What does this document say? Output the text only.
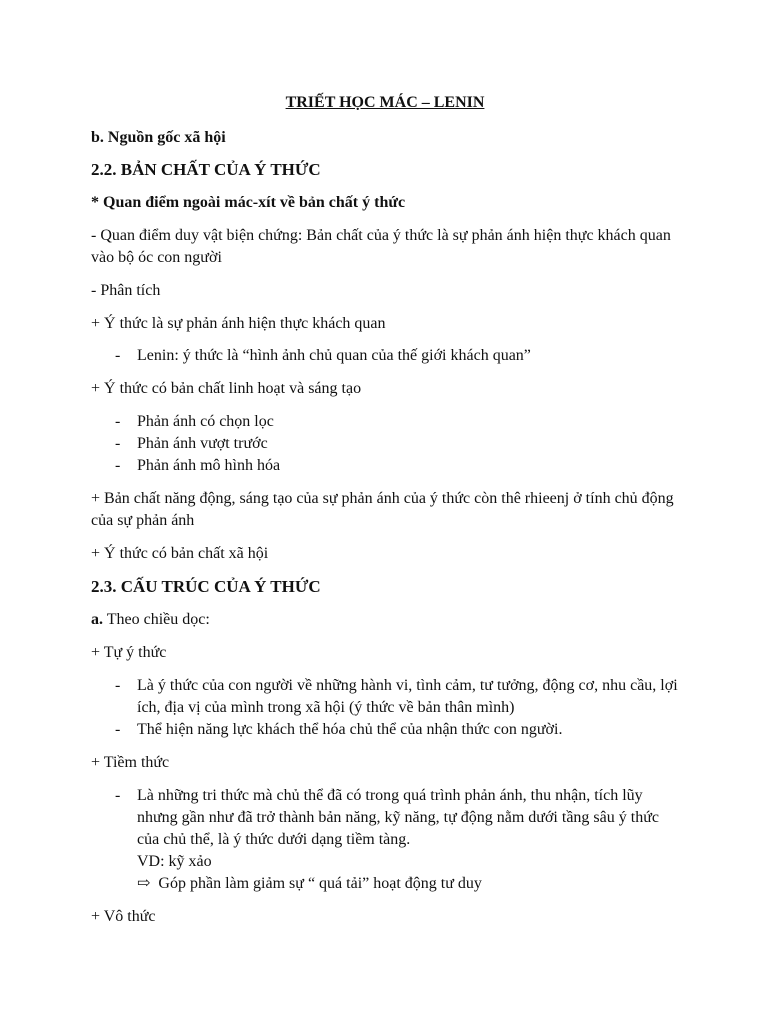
TRIẾT HỌC MÁC – LENIN
b. Nguồn gốc xã hội
2.2. BẢN CHẤT CỦA Ý THỨC
* Quan điểm ngoài mác-xít về bản chất ý thức
- Quan điểm duy vật biện chứng: Bản chất của ý thức là sự phản ánh hiện thực khách quan vào bộ óc con người
- Phân tích
+ Ý thức là sự phản ánh hiện thực khách quan
- Lenin: ý thức là “hình ảnh chủ quan của thế giới khách quan”
+ Ý thức có bản chất linh hoạt và sáng tạo
- Phản ánh có chọn lọc
- Phản ánh vượt trước
- Phản ánh mô hình hóa
+ Bản chất năng động, sáng tạo của sự phản ánh của ý thức còn thê rhieenj ở tính chủ động của sự phản ánh
+ Ý thức có bản chất xã hội
2.3. CẤU TRÚC CỦA Ý THỨC
a. Theo chiều dọc:
+ Tự ý thức
- Là ý thức của con người về những hành vi, tình cảm, tư tưởng, động cơ, nhu cầu, lợi ích, địa vị của mình trong xã hội (ý thức về bản thân mình)
- Thể hiện năng lực khách thể hóa chủ thể của nhận thức con người.
+ Tiềm thức
- Là những tri thức mà chủ thể đã có trong quá trình phản ánh, thu nhận, tích lũy nhưng gần như đã trở thành bản năng, kỹ năng, tự động nằm dưới tầng sâu ý thức của chủ thể, là ý thức dưới dạng tiềm tàng.
VD: kỹ xảo
⇨ Góp phần làm giảm sự “ quá tải” hoạt động tư duy
+ Vô thức
